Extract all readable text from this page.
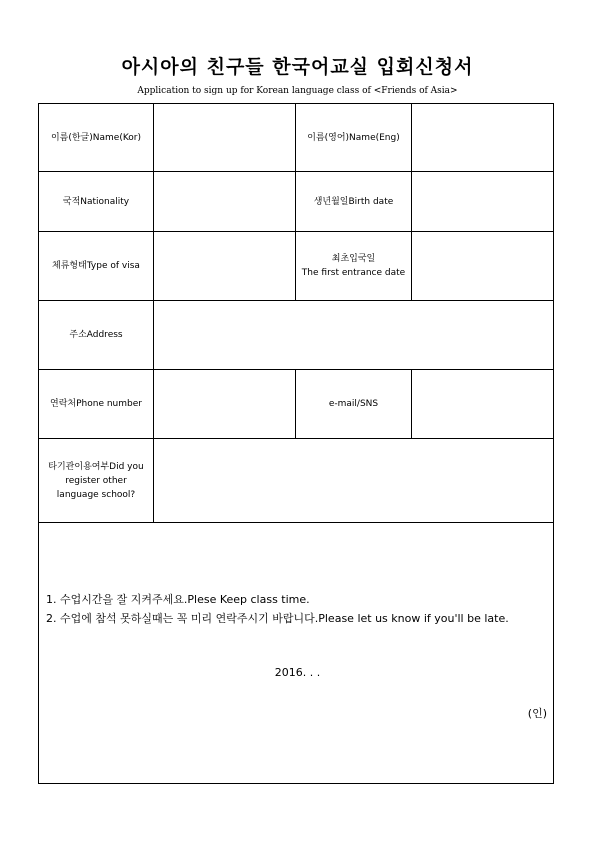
아시아의 친구들 한국어교실 입회신청서
Application to sign up for Korean language class of <Friends of Asia>
이름(한글)Name(Kor)		이름(영어)Name(Eng)	
국적Nationality		생년월일Birth date	
체류형태Type of visa		최초입국일
The first entrance date	

주소Address			
연락처Phone number		e-mail/SNS	
타기관이용여부Did you register other language school?			

1. 수업시간을 잘 지켜주세요.Plese Keep class time.
2. 수업에 참석 못하실때는 꼭 미리 연락주시기 바랍니다.Please let us know if you'll be late.
2016. . .
(인)
